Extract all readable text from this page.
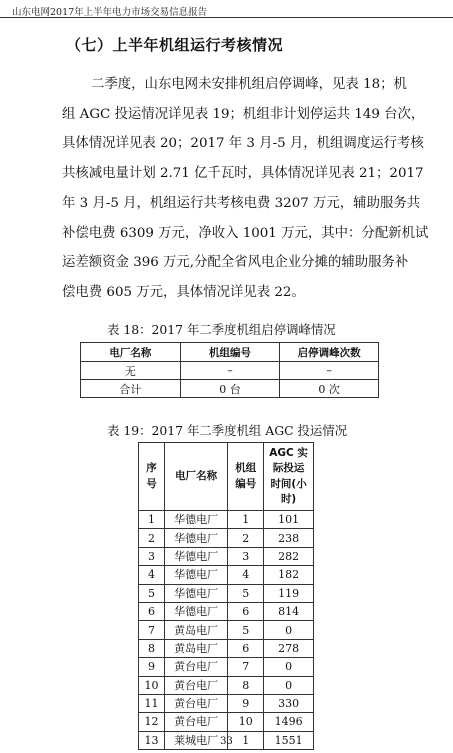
山东电网2017年上半年电力市场交易信息报告
（七）上半年机组运行考核情况

二季度，山东电网未安排机组启停调峰，见表 18；机

组 AGC 投运情况详见表 19；机组非计划停运共 149 台次，

具体情况详见表 20；2017 年 3 月-5 月，机组调度运行考核

共核减电量计划 2.71 亿千瓦时，具体情况详见表 21；2017

年 3 月-5 月，机组运行共考核电费 3207 万元，辅助服务共

补偿电费 6309 万元，净收入 1001 万元，其中：分配新机试

运差额资金 396 万元,分配全省风电企业分摊的辅助服务补

偿电费 605 万元，具体情况详见表 22。

表 18：2017 年二季度机组启停调峰情况
电厂名称	机组编号	启停调峰次数
无	–	–
合计	0 台	0 次
表 19：2017 年二季度机组 AGC 投运情况
序号	电厂名称	机组编号	AGC 实际投运时间(小时)
1	华德电厂	1	101
2	华德电厂	2	238
3	华德电厂	3	282
4	华德电厂	4	182
5	华德电厂	5	119
6	华德电厂	6	814
7	黄岛电厂	5	0
8	黄岛电厂	6	278
9	黄台电厂	7	0
10	黄台电厂	8	0
11	黄台电厂	9	330
12	黄台电厂	10	1496
13	莱城电厂	1	1551
33
